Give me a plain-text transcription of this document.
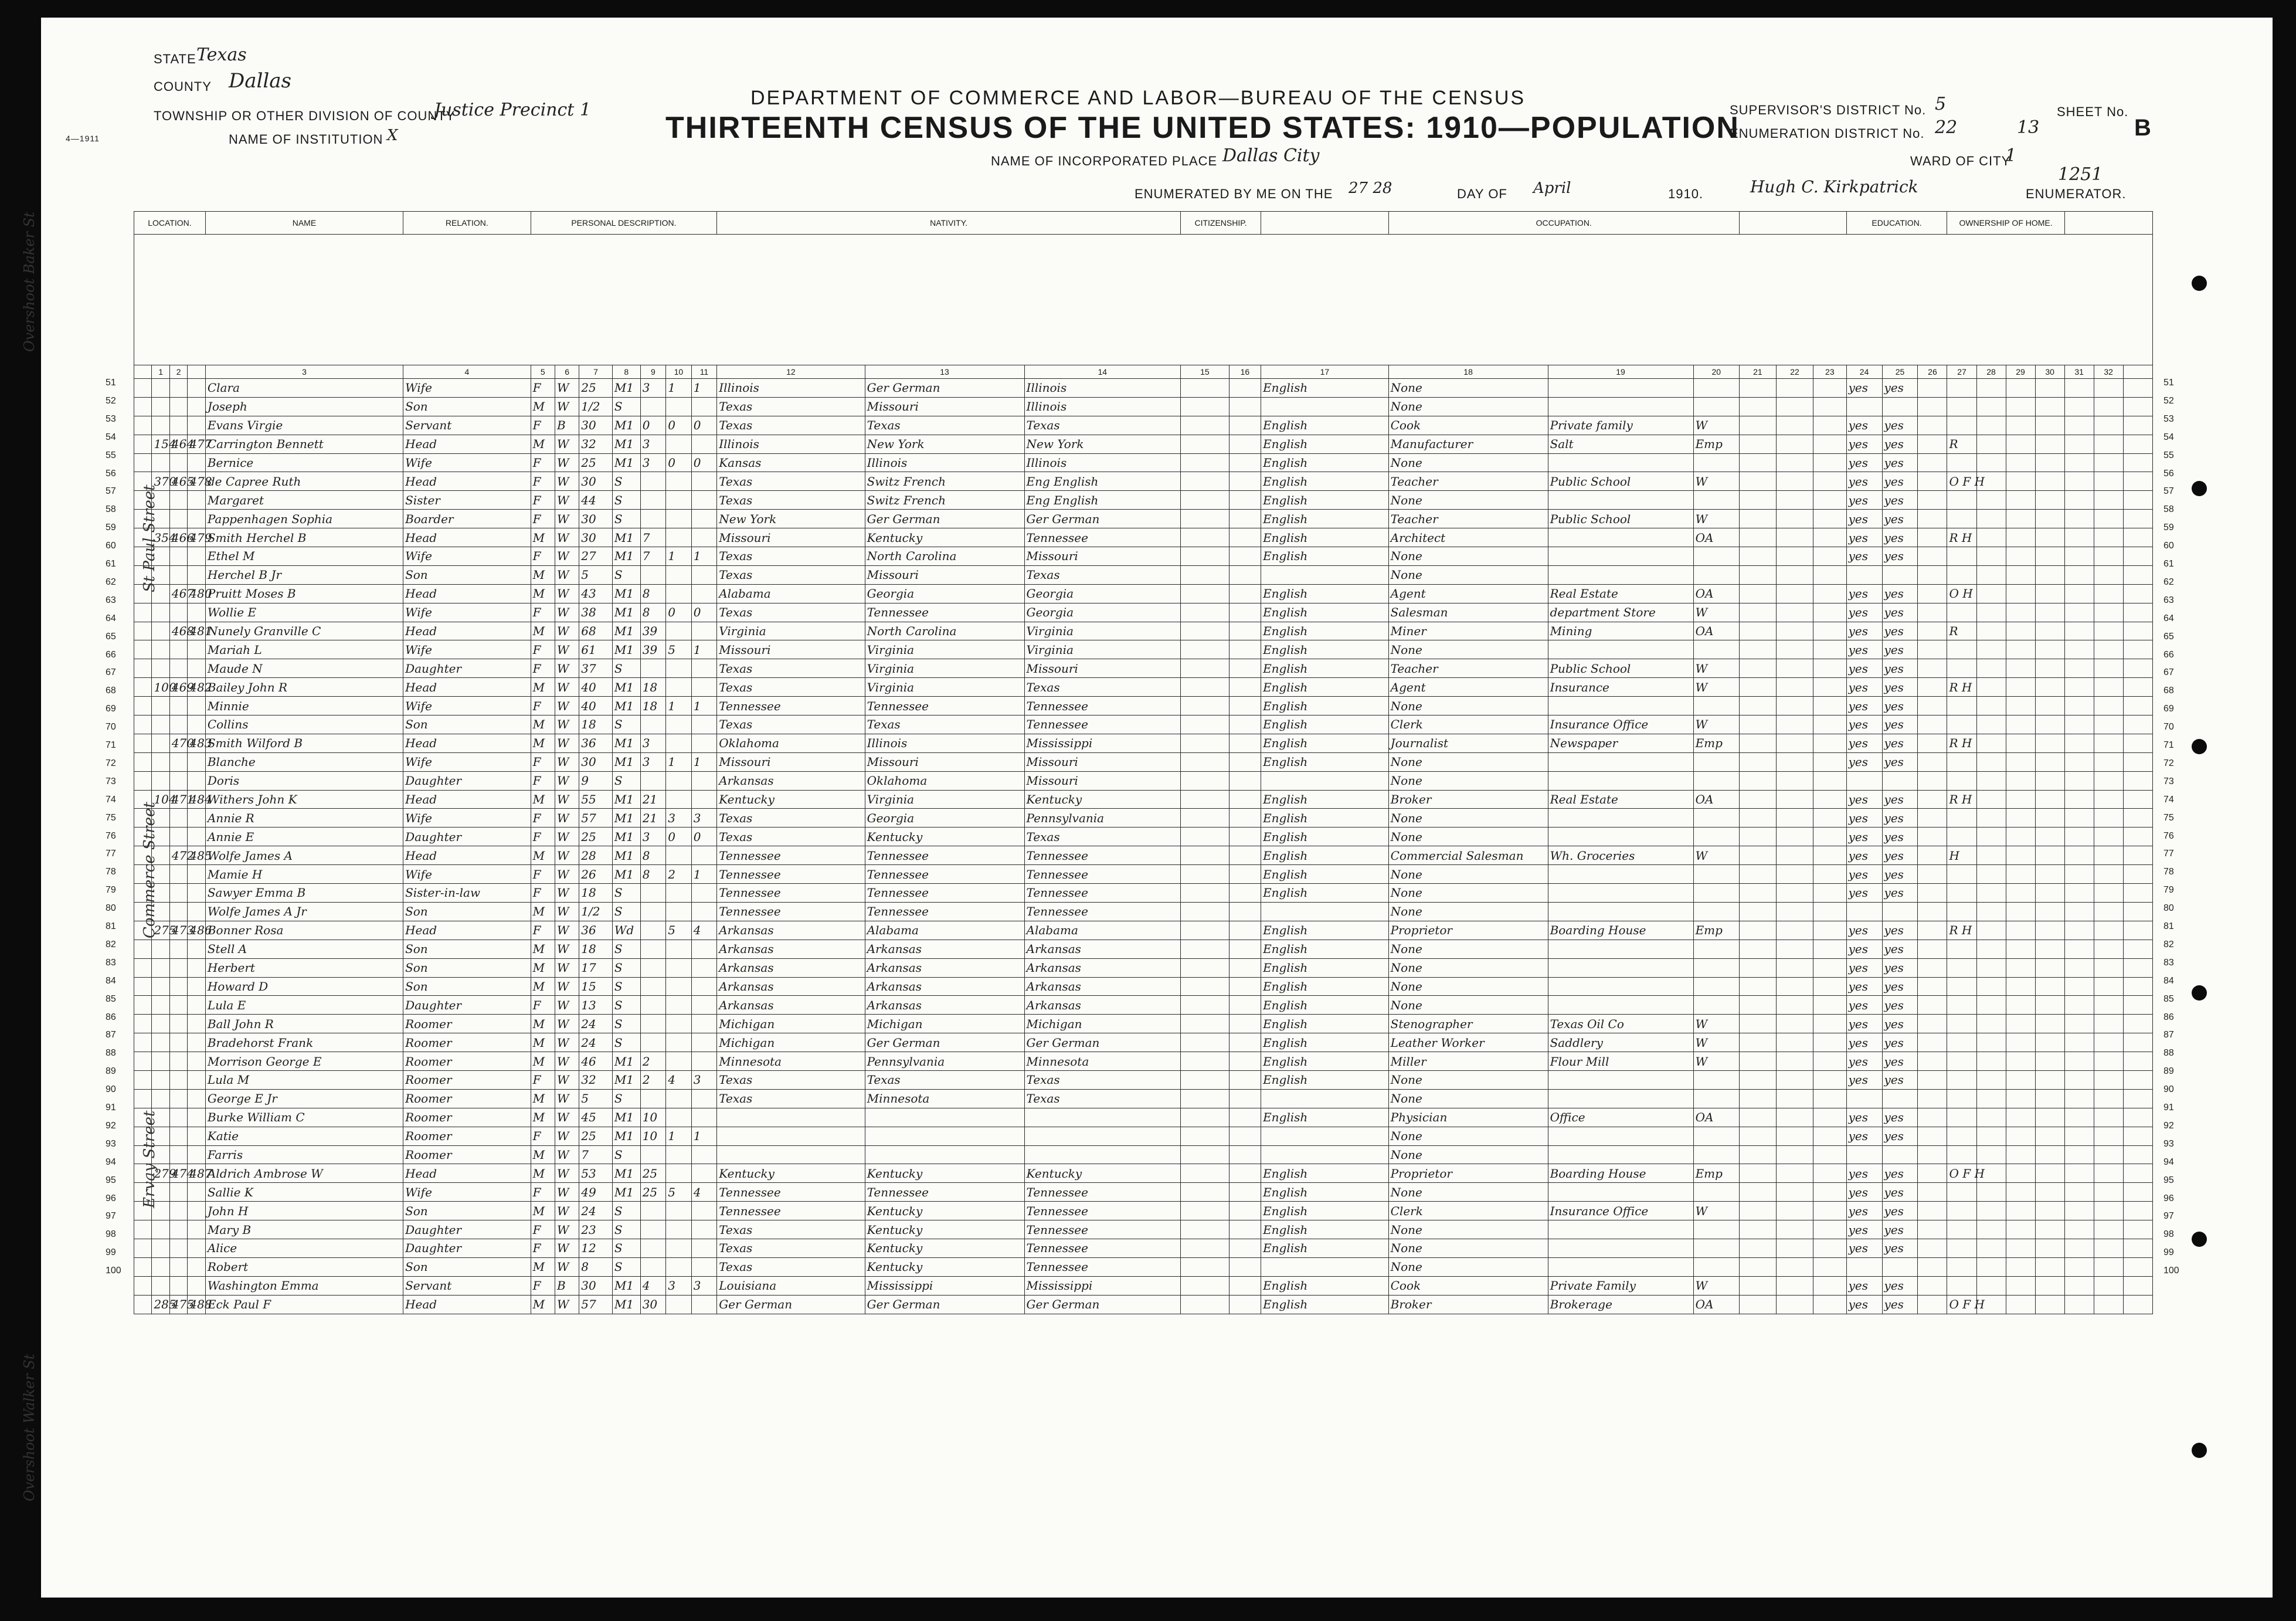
STATE Texas
COUNTY Dallas
TOWNSHIP OR OTHER DIVISION OF COUNTY
Justice Precinct 1
NAME OF INSTITUTION X
4—1911
DEPARTMENT OF COMMERCE AND LABOR—BUREAU OF THE CENSUS
THIRTEENTH CENSUS OF THE UNITED STATES: 1910—POPULATION
NAME OF INCORPORATED PLACE Dallas City
ENUMERATED BY ME ON THE 27 28	DAY OF April	1910.	Hugh C. Kirkpatrick	ENUMERATOR.
1251
SUPERVISOR'S DISTRICT No. 5
ENUMERATION DISTRICT No. 22
WARD OF CITY
1
SHEET No.
13	B
LOCATION.				NAME	RELATION.	PERSONAL DESCRIPTION.							NATIVITY.			CITIZENSHIP.			OCCUPATION.						EDUCATION.			OWNERSHIP OF HOME.						

	1	2		3	4	5	6	7	8	9	10	11	12	13	14	15	16	17	18	19	20	21	22	23	24	25	26	27	28	29	30	31	32	
				Clara	Wife	F	W	25	M1	3	1	1	Illinois	Ger German	Illinois			English	None						yes	yes								
				Joseph	Son	M	W	1/2	S				Texas	Missouri	Illinois				None															
				Evans Virgie	Servant	F	B	30	M1	0	0	0	Texas	Texas	Texas			English	Cook	Private family	W				yes	yes								
	154	464	477	Carrington Bennett	Head	M	W	32	M1	3			Illinois	New York	New York			English	Manufacturer	Salt	Emp				yes	yes		R						
				Bernice	Wife	F	W	25	M1	3	0	0	Kansas	Illinois	Illinois			English	None						yes	yes								
	370	465	478	de Capree Ruth	Head	F	W	30	S				Texas	Switz French	Eng English			English	Teacher	Public School	W				yes	yes		O F H						
				Margaret	Sister	F	W	44	S				Texas	Switz French	Eng English			English	None						yes	yes								
				Pappenhagen Sophia	Boarder	F	W	30	S				New York	Ger German	Ger German			English	Teacher	Public School	W				yes	yes								
	354	466	479	Smith Herchel B	Head	M	W	30	M1	7			Missouri	Kentucky	Tennessee			English	Architect		OA				yes	yes		R H						
				Ethel M	Wife	F	W	27	M1	7	1	1	Texas	North Carolina	Missouri			English	None						yes	yes								
				Herchel B Jr	Son	M	W	5	S				Texas	Missouri	Texas				None															
		467	480	Pruitt Moses B	Head	M	W	43	M1	8			Alabama	Georgia	Georgia			English	Agent	Real Estate	OA				yes	yes		O H						
				Wollie E	Wife	F	W	38	M1	8	0	0	Texas	Tennessee	Georgia			English	Salesman	department Store	W				yes	yes								
		468	481	Nunely Granville C	Head	M	W	68	M1	39			Virginia	North Carolina	Virginia			English	Miner	Mining	OA				yes	yes		R						
				Mariah L	Wife	F	W	61	M1	39	5	1	Missouri	Virginia	Virginia			English	None						yes	yes								
				Maude N	Daughter	F	W	37	S				Texas	Virginia	Missouri			English	Teacher	Public School	W				yes	yes								
	100	469	482	Bailey John R	Head	M	W	40	M1	18			Texas	Virginia	Texas			English	Agent	Insurance	W				yes	yes		R H						
				Minnie	Wife	F	W	40	M1	18	1	1	Tennessee	Tennessee	Tennessee			English	None						yes	yes								
				Collins	Son	M	W	18	S				Texas	Texas	Tennessee			English	Clerk	Insurance Office	W				yes	yes								
		470	483	Smith Wilford B	Head	M	W	36	M1	3			Oklahoma	Illinois	Mississippi			English	Journalist	Newspaper	Emp				yes	yes		R H						
				Blanche	Wife	F	W	30	M1	3	1	1	Missouri	Missouri	Missouri			English	None						yes	yes								
				Doris	Daughter	F	W	9	S				Arkansas	Oklahoma	Missouri				None															
	104	471	484	Withers John K	Head	M	W	55	M1	21			Kentucky	Virginia	Kentucky			English	Broker	Real Estate	OA				yes	yes		R H						
				Annie R	Wife	F	W	57	M1	21	3	3	Texas	Georgia	Pennsylvania			English	None						yes	yes								
				Annie E	Daughter	F	W	25	M1	3	0	0	Texas	Kentucky	Texas			English	None						yes	yes								
		472	485	Wolfe James A	Head	M	W	28	M1	8			Tennessee	Tennessee	Tennessee			English	Commercial Salesman	Wh. Groceries	W				yes	yes		H						
				Mamie H	Wife	F	W	26	M1	8	2	1	Tennessee	Tennessee	Tennessee			English	None						yes	yes								
				Sawyer Emma B	Sister-in-law	F	W	18	S				Tennessee	Tennessee	Tennessee			English	None						yes	yes								
				Wolfe James A Jr	Son	M	W	1/2	S				Tennessee	Tennessee	Tennessee				None															
	275	473	486	Bonner Rosa	Head	F	W	36	Wd		5	4	Arkansas	Alabama	Alabama			English	Proprietor	Boarding House	Emp				yes	yes		R H						
				Stell A	Son	M	W	18	S				Arkansas	Arkansas	Arkansas			English	None						yes	yes								
				Herbert	Son	M	W	17	S				Arkansas	Arkansas	Arkansas			English	None						yes	yes								
				Howard D	Son	M	W	15	S				Arkansas	Arkansas	Arkansas			English	None						yes	yes								
				Lula E	Daughter	F	W	13	S				Arkansas	Arkansas	Arkansas			English	None						yes	yes								
				Ball John R	Roomer	M	W	24	S				Michigan	Michigan	Michigan			English	Stenographer	Texas Oil Co	W				yes	yes								
				Bradehorst Frank	Roomer	M	W	24	S				Michigan	Ger German	Ger German			English	Leather Worker	Saddlery	W				yes	yes								
				Morrison George E	Roomer	M	W	46	M1	2			Minnesota	Pennsylvania	Minnesota			English	Miller	Flour Mill	W				yes	yes								
				Lula M	Roomer	F	W	32	M1	2	4	3	Texas	Texas	Texas			English	None						yes	yes								
				George E Jr	Roomer	M	W	5	S				Texas	Minnesota	Texas				None															
				Burke William C	Roomer	M	W	45	M1	10								English	Physician	Office	OA				yes	yes								
				Katie	Roomer	F	W	25	M1	10	1	1							None						yes	yes								
				Farris	Roomer	M	W	7	S										None															
	279	474	487	Aldrich Ambrose W	Head	M	W	53	M1	25			Kentucky	Kentucky	Kentucky			English	Proprietor	Boarding House	Emp				yes	yes		O F H						
				Sallie K	Wife	F	W	49	M1	25	5	4	Tennessee	Tennessee	Tennessee			English	None						yes	yes								
				John H	Son	M	W	24	S				Tennessee	Kentucky	Tennessee			English	Clerk	Insurance Office	W				yes	yes								
				Mary B	Daughter	F	W	23	S				Texas	Kentucky	Tennessee			English	None						yes	yes								
				Alice	Daughter	F	W	12	S				Texas	Kentucky	Tennessee			English	None						yes	yes								
				Robert	Son	M	W	8	S				Texas	Kentucky	Tennessee				None															
				Washington Emma	Servant	F	B	30	M1	4	3	3	Louisiana	Mississippi	Mississippi			English	Cook	Private Family	W				yes	yes								
	285	475	488	Eck Paul F	Head	M	W	57	M1	30			Ger German	Ger German	Ger German			English	Broker	Brokerage	OA				yes	yes		O F H						
51	51
52	52
53	53
54	54
55	55
56	56
57	57
58	58
59	59
60	60
61	61
62	62
63	63
64	64
65	65
66	66
67	67
68	68
69	69
70	70
71	71
72	72
73	73
74	74
75	75
76	76
77	77
78	78
79	79
80	80
81	81
82	82
83	83
84	84
85	85
86	86
87	87
88	88
89	89
90	90
91	91
92	92
93	93
94	94
95	95
96	96
97	97
98	98
99	99
100	100
Overshoot Baker St
Overshoot Walker St
St Paul Street
Commerce Street
Ervay Street
